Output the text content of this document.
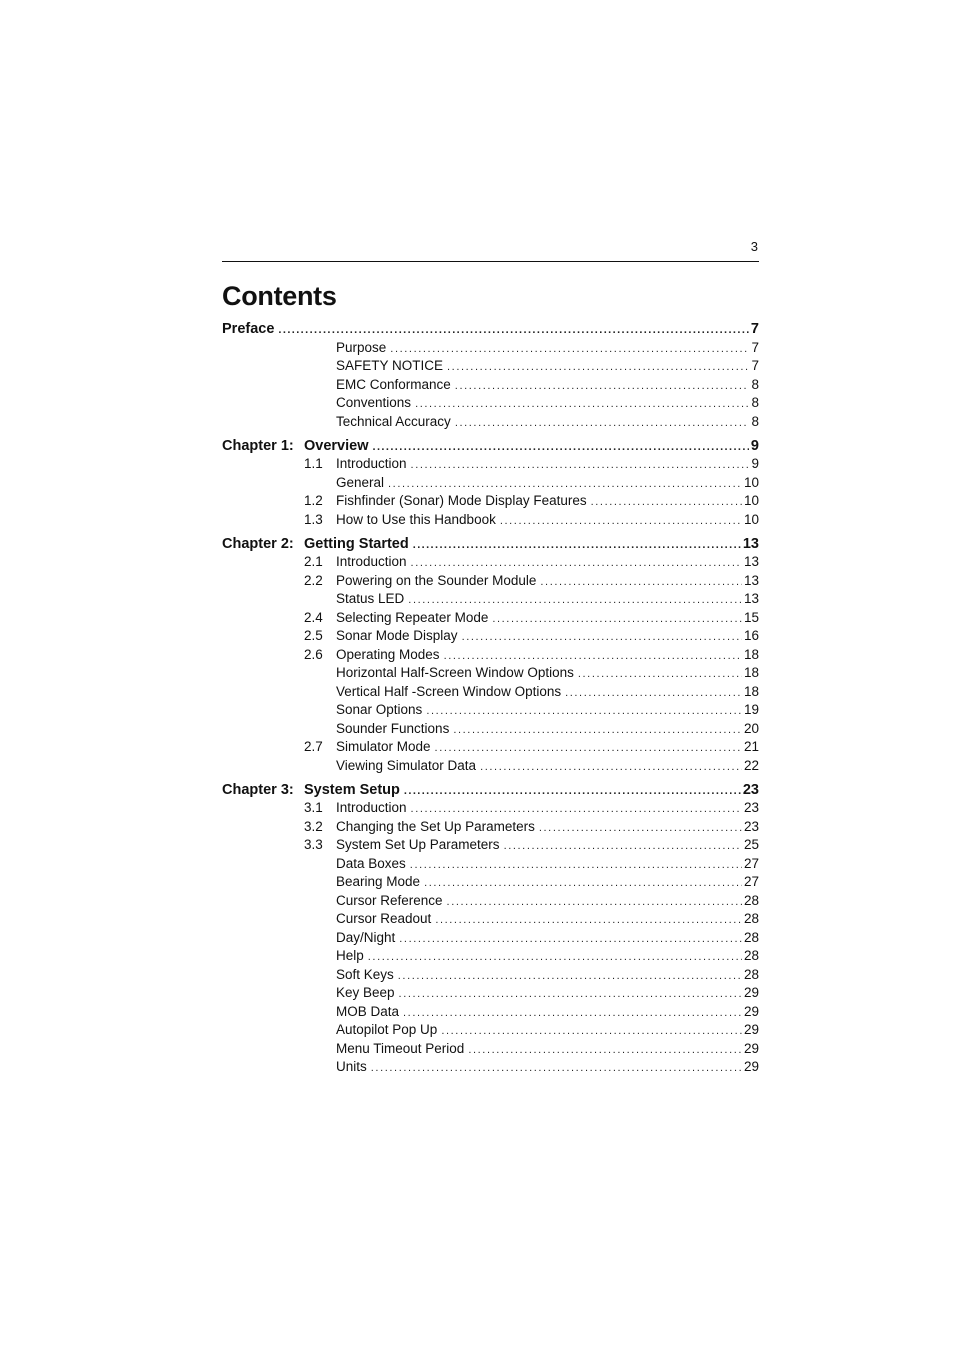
3
Contents
Preface .....	7
Purpose .....	7
SAFETY NOTICE .....	7
EMC Conformance .....	8
Conventions .....	8
Technical Accuracy .....	8
Chapter 1: Overview .....	9
1.1 Introduction .....	9
General .....	10
1.2 Fishfinder (Sonar) Mode Display Features .....	10
1.3 How to Use this Handbook .....	10
Chapter 2: Getting Started .....	13
2.1 Introduction .....	13
2.2 Powering on the Sounder Module .....	13
Status LED .....	13
2.4 Selecting Repeater Mode .....	15
2.5 Sonar Mode Display .....	16
2.6 Operating Modes .....	18
Horizontal Half-Screen Window Options .....	18
Vertical Half -Screen Window Options .....	18
Sonar Options .....	19
Sounder Functions .....	20
2.7 Simulator Mode .....	21
Viewing Simulator Data .....	22
Chapter 3: System Setup .....	23
3.1 Introduction .....	23
3.2 Changing the Set Up Parameters .....	23
3.3 System Set Up Parameters .....	25
Data Boxes .....	27
Bearing Mode .....	27
Cursor Reference .....	28
Cursor Readout .....	28
Day/Night .....	28
Help .....	28
Soft Keys .....	28
Key Beep .....	29
MOB Data .....	29
Autopilot Pop Up .....	29
Menu Timeout Period .....	29
Units .....	29
